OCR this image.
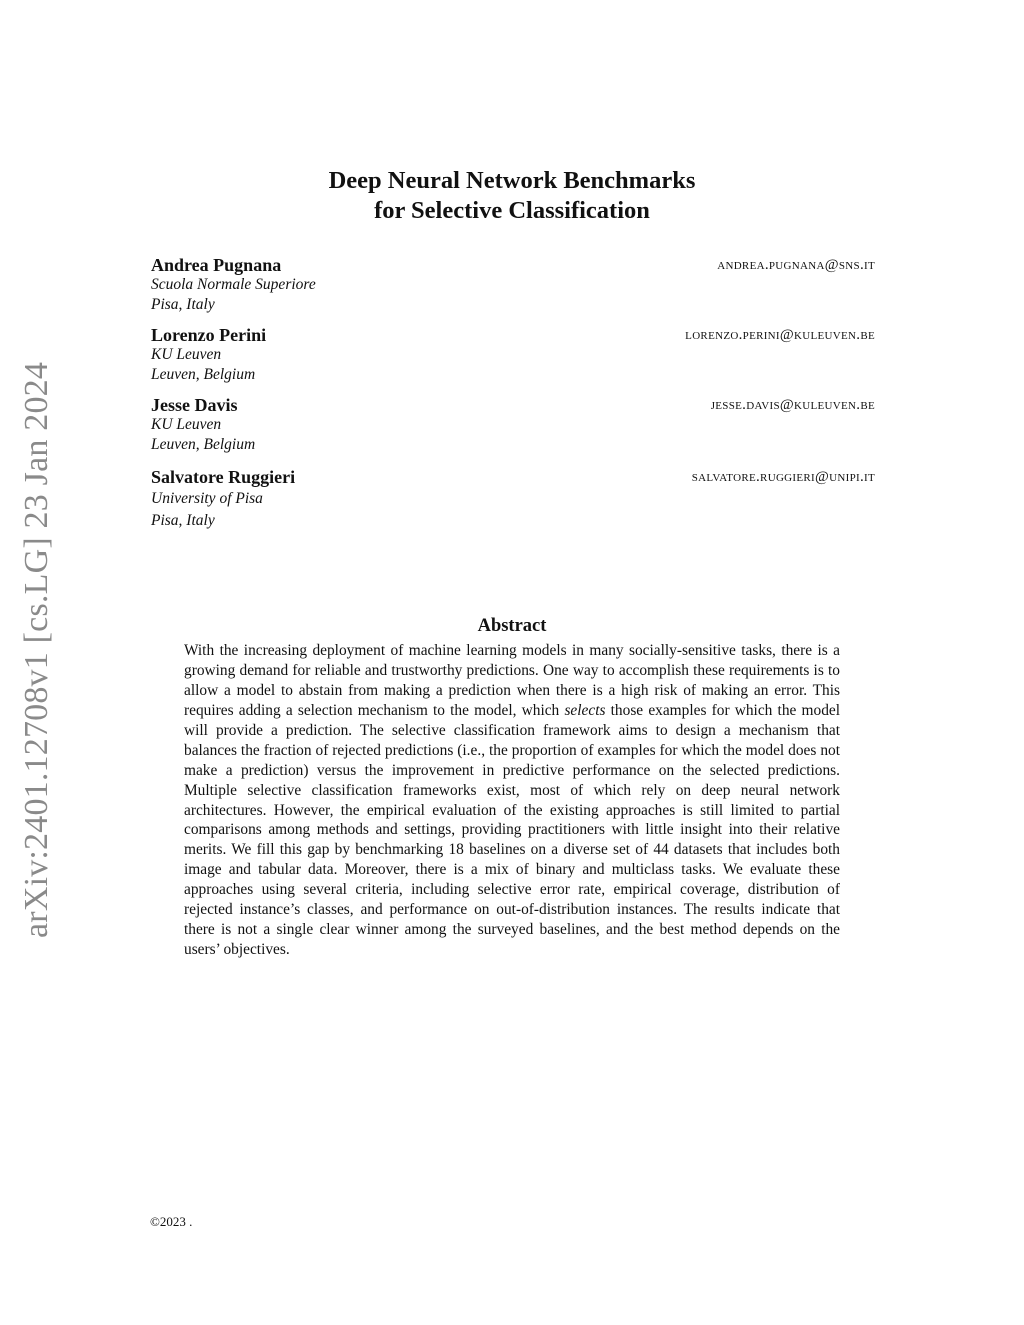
arXiv:2401.12708v1 [cs.LG] 23 Jan 2024
Deep Neural Network Benchmarks
for Selective Classification
Andrea Pugnana	andrea.pugnana@sns.it
Scuola Normale Superiore
Pisa, Italy
Lorenzo Perini	lorenzo.perini@kuleuven.be
KU Leuven
Leuven, Belgium
Jesse Davis	jesse.davis@kuleuven.be
KU Leuven
Leuven, Belgium
Salvatore Ruggieri	salvatore.ruggieri@unipi.it
University of Pisa
Pisa, Italy
Abstract
With the increasing deployment of machine learning models in many socially-sensitive tasks, there is a growing demand for reliable and trustworthy predictions. One way to accomplish these requirements is to allow a model to abstain from making a prediction when there is a high risk of making an error. This requires adding a selection mechanism to the model, which selects those examples for which the model will provide a prediction. The selective classification framework aims to design a mechanism that balances the fraction of rejected predictions (i.e., the proportion of examples for which the model does not make a prediction) versus the improvement in predictive performance on the selected predictions. Multiple selective classification frameworks exist, most of which rely on deep neural network architectures. However, the empirical evaluation of the existing approaches is still limited to partial comparisons among methods and settings, providing practitioners with little insight into their relative merits. We fill this gap by benchmarking 18 baselines on a diverse set of 44 datasets that includes both image and tabular data. Moreover, there is a mix of binary and multiclass tasks. We evaluate these approaches using several criteria, including selective error rate, empirical coverage, distribution of rejected instance’s classes, and performance on out-of-distribution instances. The results indicate that there is not a single clear winner among the surveyed baselines, and the best method depends on the users’ objectives.
©2023 .
